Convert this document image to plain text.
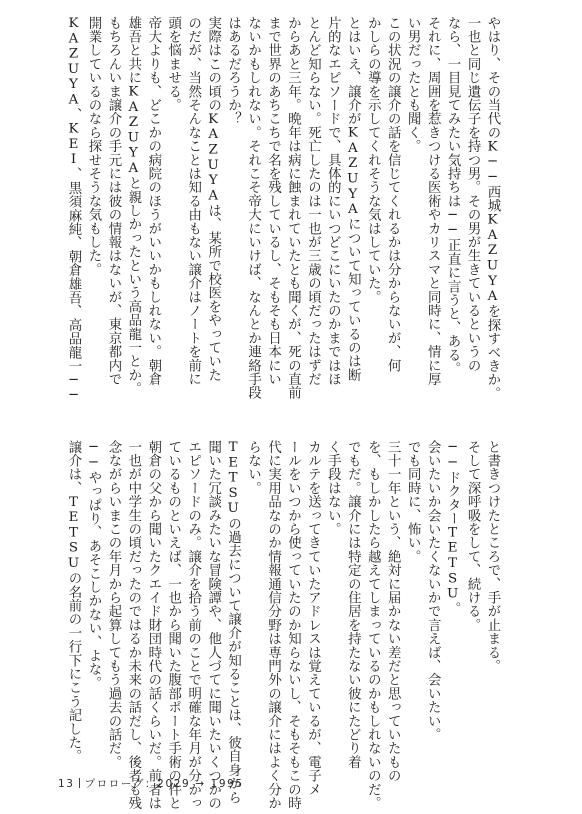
やはり、その当代のK──西城KAZUYAを探すべきか。
一也と同じ遺伝子を持つ男。その男が生きているというの
なら、一目見てみたい気持ちは──正直に言うと、ある。
それに、周囲を惹きつける医術やカリスマと同時に、情に厚
い男だったとも聞く。
この状況の譲介の話を信じてくれるかは分からないが、何
かしらの導を示してくれそうな気はしていた。
とはいえ、譲介がKAZUYAについて知っているのは断
片的なエピソードで、具体的にいつどこにいたのかまではほ
とんど知らない。死亡したのは一也が三歳の頃だったはずだ
からあと三年。晩年は病に蝕まれていたとも聞くが、死の直前
まで世界のあちこちで名を残しているし、そもそも日本にい
ないかもしれない。それこそ帝大にいけば、なんとか連絡手段
はあるだろうか？
実際はこの頃のKAZUYAは、某所で校医をやっていた
のだが、当然そんなことは知る由もない譲介はノートを前に
頭を悩ませる。
帝大よりも、どこかの病院のほうがいいかもしれない。朝倉
雄吾と共にKAZUYAと親しかったという高品龍一とか。
もちろんいま譲介の手元には彼の情報はないが、東京都内で
開業しているのなら探せそうな気もした。
KAZUYA、KEI、黒須麻純、朝倉雄吾、高品龍一──
と書きつけたところで、手が止まる。
そして深呼吸をして、続ける。
──ドクターTETSU。
会いたいか会いたくないかで言えば、会いたい。
でも同時に、怖い。
三十一年という、絶対に届かない差だと思っていたもの
を、もしかしたら越えてしまっているのかもしれないのだ。
でもだ。譲介には特定の住居を持たない彼にたどり着
く手段はない。
カルテを送ってきていたアドレスは覚えているが、電子メ
ールをいつから使っていたのか知らないし、そもそもこの時
代に実用品なのか情報通信分野は専門外の譲介にはよく分か
らない。
TETSUの過去について譲介が知ることは、彼自身から
聞いた冗談みたいな冒険譚や、他人づてに聞いたいくつかの
エピソードのみ。譲介を拾う前のことで明確な年月が分かっ
ているものといえば、一也から聞いた腹部ポート手術の件と
朝倉の父から聞いたクエイド財団時代の話くらいだ。前者は
一也が中学生の頃だったのではるか未来の話だし、後者も残
念ながらいまこの年月から起算してもう過去の話だ。
──やっぱり、あそこしかない、よな。
譲介は、TETSUの名前の一行下にこう記した。
13 プロローグ：2029 → 1995
